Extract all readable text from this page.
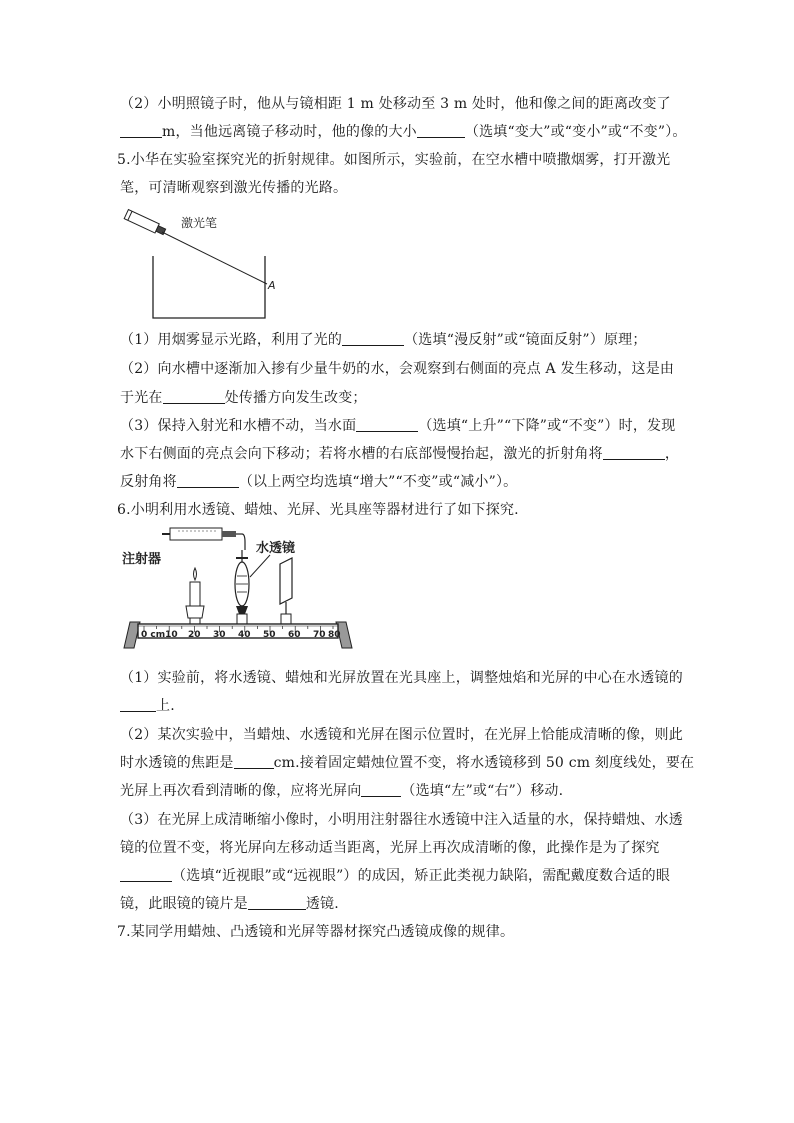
（2）小明照镜子时，他从与镜相距 1 m 处移动至 3 m 处时，他和像之间的距离改变了
m，当他远离镜子移动时，他的像的大小	（选填“变大”或“变小”或“不变”）。
5.小华在实验室探究光的折射规律。如图所示，实验前，在空水槽中喷撒烟雾，打开激光
笔，可清晰观察到激光传播的光路。
激光笔
A
（1）用烟雾显示光路，利用了光的	（选填“漫反射”或“镜面反射”）原理；
（2）向水槽中逐渐加入掺有少量牛奶的水，会观察到右侧面的亮点 A 发生移动，这是由
于光在	处传播方向发生改变；
（3）保持入射光和水槽不动，当水面	（选填“上升”“下降”或“不变”）时，发现
水下右侧面的亮点会向下移动；若将水槽的右底部慢慢抬起，激光的折射角将	，
反射角将	（以上两空均选填“增大”“不变”或“减小”）。
6.小明利用水透镜、蜡烛、光屏、光具座等器材进行了如下探究.
注射器
水透镜
0 cm10 20 30 40 50 60 70 80
（1）实验前，将水透镜、蜡烛和光屏放置在光具座上，调整烛焰和光屏的中心在水透镜的
上.
（2）某次实验中，当蜡烛、水透镜和光屏在图示位置时，在光屏上恰能成清晰的像，则此
时水透镜的焦距是	cm.接着固定蜡烛位置不变，将水透镜移到 50 cm 刻度线处，要在
光屏上再次看到清晰的像，应将光屏向	（选填“左”或“右”）移动.
（3）在光屏上成清晰缩小像时，小明用注射器往水透镜中注入适量的水，保持蜡烛、水透
镜的位置不变，将光屏向左移动适当距离，光屏上再次成清晰的像，此操作是为了探究
（选填“近视眼”或“远视眼”）的成因，矫正此类视力缺陷，需配戴度数合适的眼
镜，此眼镜的镜片是	透镜.
7.某同学用蜡烛、凸透镜和光屏等器材探究凸透镜成像的规律。
